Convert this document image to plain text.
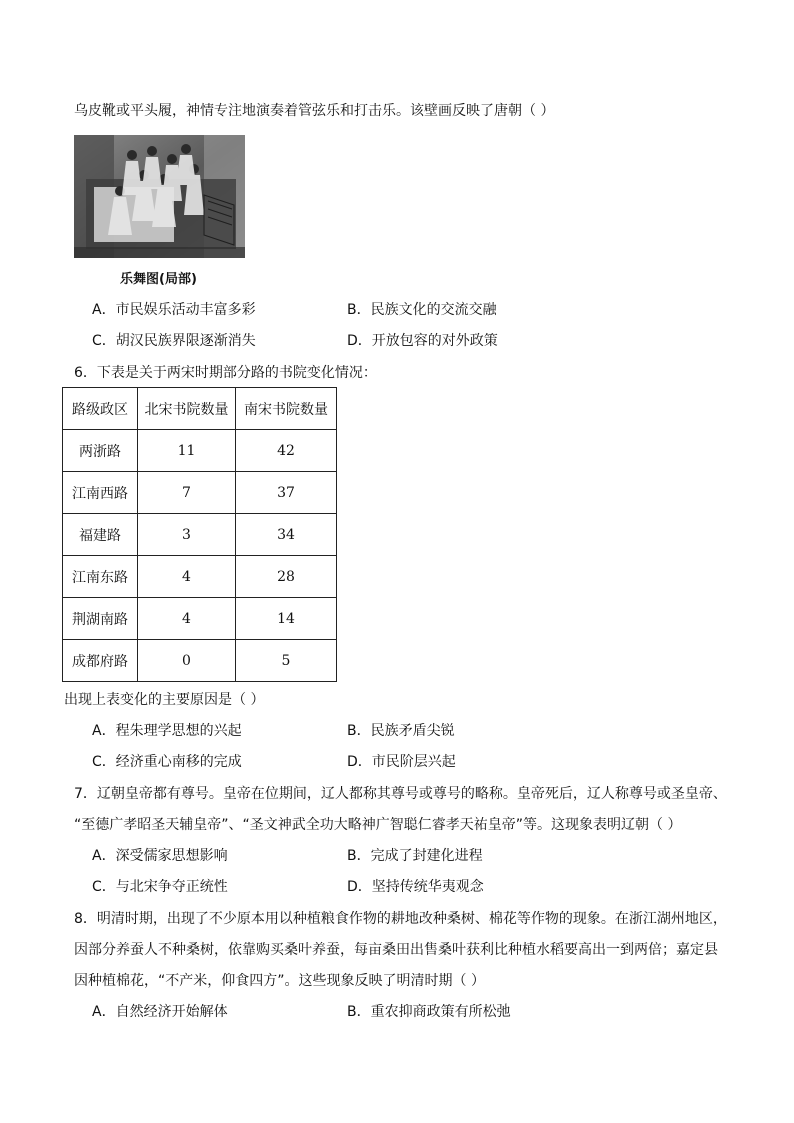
乌皮靴或平头履，神情专注地演奏着管弦乐和打击乐。该壁画反映了唐朝（ ）
乐舞图(局部)
A．市民娱乐活动丰富多彩	B．民族文化的交流交融
C．胡汉民族界限逐渐消失	D．开放包容的对外政策
6．下表是关于两宋时期部分路的书院变化情况：
路级政区	北宋书院数量	南宋书院数量
两浙路	11	42
江南西路	7	37
福建路	3	34
江南东路	4	28
荆湖南路	4	14
成都府路	0	5
出现上表变化的主要原因是（ ）
A．程朱理学思想的兴起	B．民族矛盾尖锐
C．经济重心南移的完成	D．市民阶层兴起
7．辽朝皇帝都有尊号。皇帝在位期间，辽人都称其尊号或尊号的略称。皇帝死后，辽人称尊号或圣皇帝、
“至德广孝昭圣天辅皇帝”、“圣文神武全功大略神广智聪仁睿孝天祐皇帝”等。这现象表明辽朝（ ）
A．深受儒家思想影响	B．完成了封建化进程
C．与北宋争夺正统性	D．坚持传统华夷观念
8．明清时期，出现了不少原本用以种植粮食作物的耕地改种桑树、棉花等作物的现象。在浙江湖州地区，
因部分养蚕人不种桑树，依靠购买桑叶养蚕，每亩桑田出售桑叶获利比种植水稻要高出一到两倍；嘉定县
因种植棉花，“不产米，仰食四方”。这些现象反映了明清时期（ ）
A．自然经济开始解体	B．重农抑商政策有所松弛
